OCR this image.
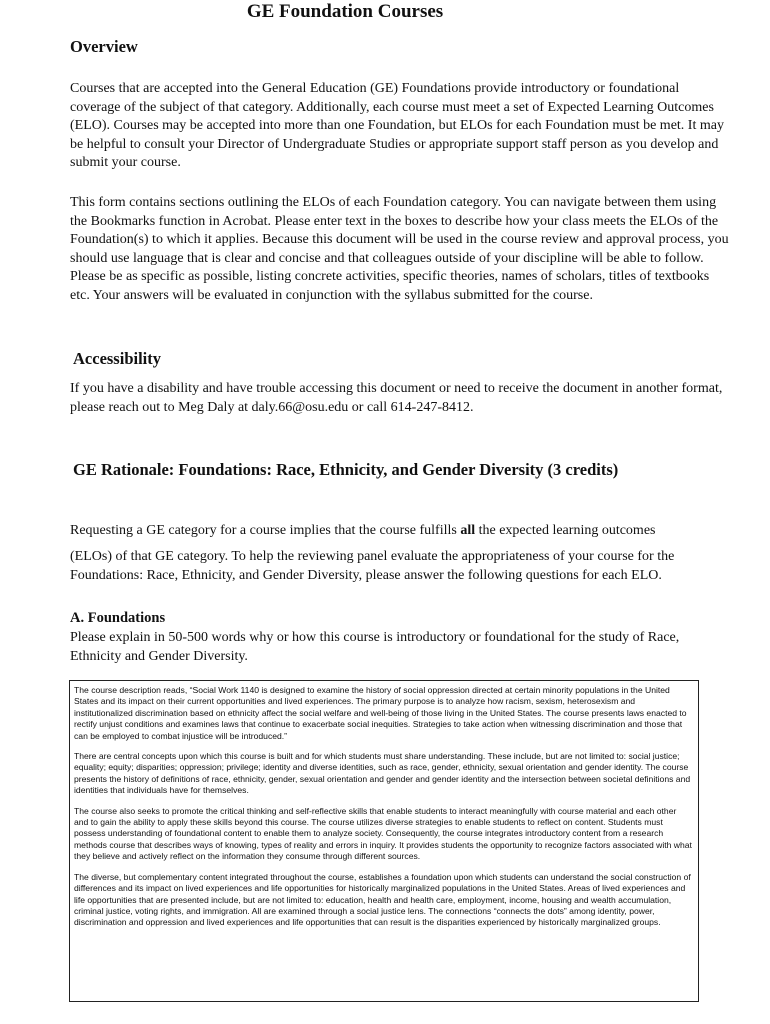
GE Foundation Courses
Overview

Courses that are accepted into the General Education (GE) Foundations provide introductory or foundational coverage of the subject of that category. Additionally, each course must meet a set of Expected Learning Outcomes (ELO). Courses may be accepted into more than one Foundation, but ELOs for each Foundation must be met. It may be helpful to consult your Director of Undergraduate Studies or appropriate support staff person as you develop and submit your course.

This form contains sections outlining the ELOs of each Foundation category. You can navigate between them using the Bookmarks function in Acrobat. Please enter text in the boxes to describe how your class meets the ELOs of the Foundation(s) to which it applies. Because this document will be used in the course review and approval process, you should use language that is clear and concise and that colleagues outside of your discipline will be able to follow. Please be as specific as possible, listing concrete activities, specific theories, names of scholars, titles of textbooks etc. Your answers will be evaluated in conjunction with the syllabus submitted for the course.

Accessibility

If you have a disability and have trouble accessing this document or need to receive the document in another format, please reach out to Meg Daly at daly.66@osu.edu or call 614-247-8412.

GE Rationale: Foundations: Race, Ethnicity, and Gender Diversity (3 credits)

Requesting a GE category for a course implies that the course fulfills all the expected learning outcomes

(ELOs) of that GE category. To help the reviewing panel evaluate the appropriateness of your course for the Foundations: Race, Ethnicity, and Gender Diversity, please answer the following questions for each ELO.

A. Foundations

Please explain in 50-500 words why or how this course is introductory or foundational for the study of Race, Ethnicity and Gender Diversity.

The course description reads, “Social Work 1140 is designed to examine the history of social oppression directed at certain minority populations in the United States and its impact on their current opportunities and lived experiences. The primary purpose is to analyze how racism, sexism, heterosexism and institutionalized discrimination based on ethnicity affect the social welfare and well-being of those living in the United States. The course presents laws enacted to rectify unjust conditions and examines laws that continue to exacerbate social inequities. Strategies to take action when witnessing discrimination and those that can be employed to combat injustice will be introduced.”

There are central concepts upon which this course is built and for which students must share understanding. These include, but are not limited to: social justice; equality; equity; disparities; oppression; privilege; identity and diverse identities, such as race, gender, ethnicity, sexual orientation and gender identity. The course presents the history of definitions of race, ethnicity, gender, sexual orientation and gender and gender identity and the intersection between societal definitions and identities that individuals have for themselves.

The course also seeks to promote the critical thinking and self-reflective skills that enable students to interact meaningfully with course material and each other and to gain the ability to apply these skills beyond this course. The course utilizes diverse strategies to enable students to reflect on content. Students must possess understanding of foundational content to enable them to analyze society. Consequently, the course integrates introductory content from a research methods course that describes ways of knowing, types of reality and errors in inquiry. It provides students the opportunity to recognize factors associated with what they believe and actively reflect on the information they consume through different sources.

The diverse, but complementary content integrated throughout the course, establishes a foundation upon which students can understand the social construction of differences and its impact on lived experiences and life opportunities for historically marginalized populations in the United States. Areas of lived experiences and life opportunities that are presented include, but are not limited to: education, health and health care, employment, income, housing and wealth accumulation, criminal justice, voting rights, and immigration. All are examined through a social justice lens. The connections “connects the dots” among identity, power, discrimination and oppression and lived experiences and life opportunities that can result is the disparities experienced by historically marginalized groups.
